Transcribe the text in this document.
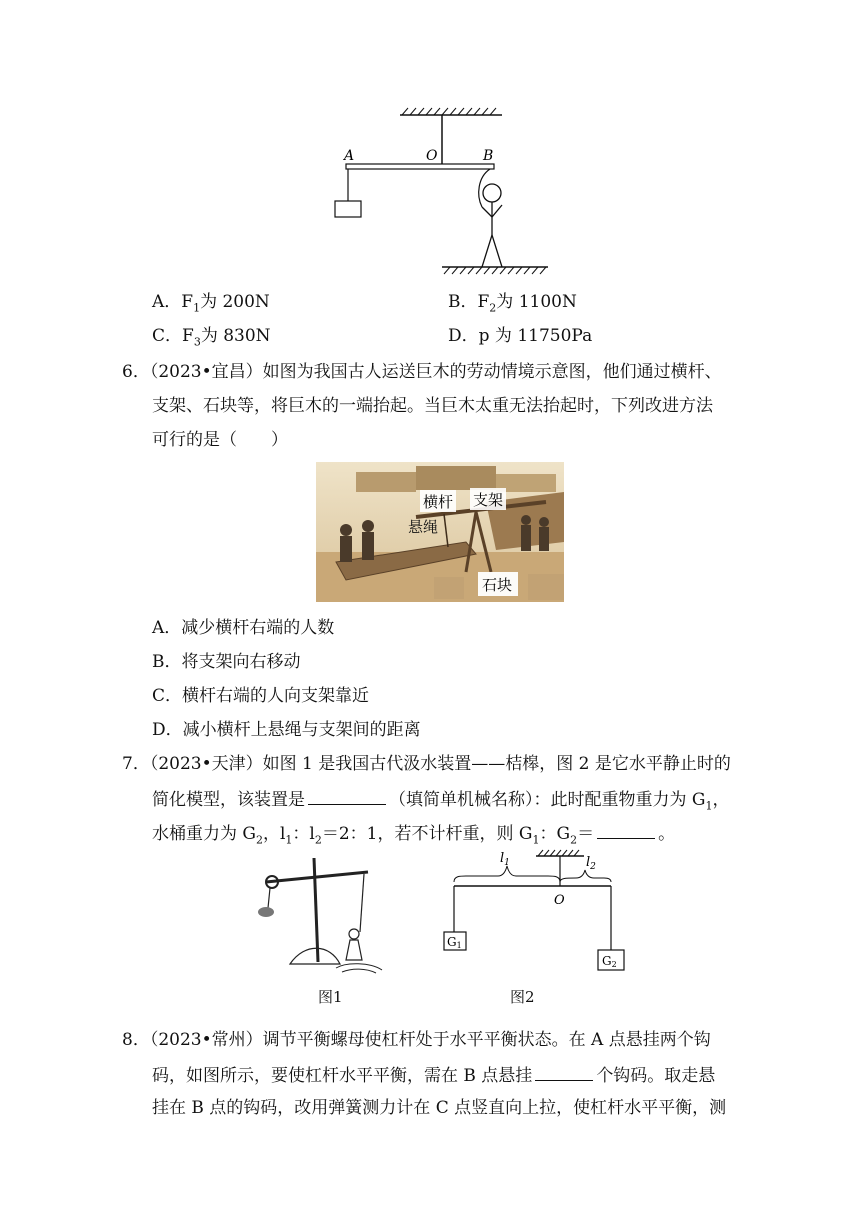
A	O	B
A．$F_1$为 200N	B．$F_2$为 1100N
C．$F_3$为 830N	D．p 为 11750Pa
6．（2023•宜昌）如图为我国古人运送巨木的劳动情境示意图，他们通过横杆、
支架、石块等，将巨木的一端抬起。当巨木太重无法抬起时，下列改进方法
可行的是（　　）
横杆 支架
悬绳
石块
A．减少横杆右端的人数
B．将支架向右移动
C．横杆右端的人向支架靠近
D．减小横杆上悬绳与支架间的距离
7．（2023•天津）如图 1 是我国古代汲水装置——桔槔，图 2 是它水平静止时的
简化模型，该装置是	（填简单机械名称）：此时配重物重力为 $G_1$，
水桶重力为 $G_2$，$l_1$：$l_2=2$：1，若不计杆重，则 $G_1$：$G_2=$	。
图1
$l_1$	$l_2$
O
G1
G2
图2
8．（2023•常州）调节平衡螺母使杠杆处于水平平衡状态。在 A 点悬挂两个钩
码，如图所示，要使杠杆水平平衡，需在 B 点悬挂	个钩码。取走悬
挂在 B 点的钩码，改用弹簧测力计在 C 点竖直向上拉，使杠杆水平平衡，测
